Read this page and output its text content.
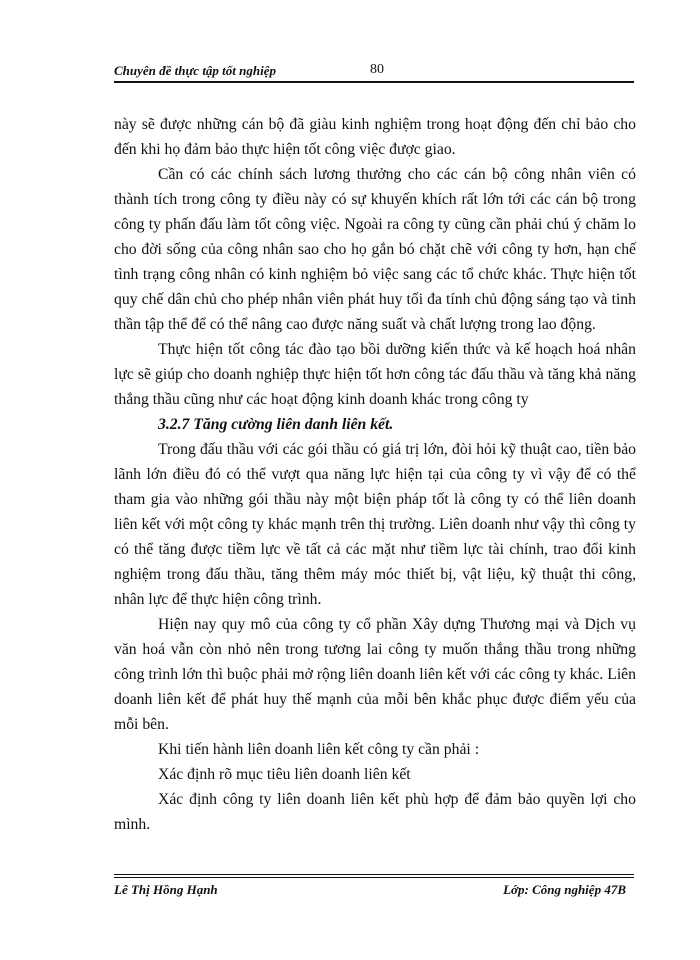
Chuyên đề thực tập tốt nghiệp	80

này sẽ được những cán bộ đã giàu kinh nghiệm trong hoạt động đến chỉ bảo cho đến khi họ đảm bảo thực hiện tốt công việc được giao.

Cần có các chính sách lương thưởng cho các cán bộ công nhân viên có thành tích trong công ty điều này có sự khuyến khích rất lớn tới các cán bộ trong công ty phấn đấu làm tốt công việc. Ngoài ra công ty cũng cần phải chú ý chăm lo cho đời sống của công nhân sao cho họ gắn bó chặt chẽ với công ty hơn, hạn chế tình trạng công nhân có kinh nghiệm bỏ việc sang các tổ chức khác. Thực hiện tốt quy chế dân chủ cho phép nhân viên phát huy tối đa tính chủ động sáng tạo và tinh thần tập thể để có thể nâng cao được năng suất và chất lượng trong lao động.

Thực hiện tốt công tác đào tạo bồi dưỡng kiến thức và kế hoạch hoá nhân lực sẽ giúp cho doanh nghiệp thực hiện tốt hơn công tác đấu thầu và tăng khả năng thắng thầu cũng như các hoạt động kinh doanh khác trong công ty

3.2.7 Tăng cường liên danh liên kết.

Trong đấu thầu với các gói thầu có giá trị lớn, đòi hỏi kỹ thuật cao, tiền bảo lãnh lớn điều đó có thể vượt qua năng lực hiện tại của công ty vì vậy để có thể tham gia vào những gói thầu này một biện pháp tốt là công ty có thể liên doanh liên kết với một công ty khác mạnh trên thị trường. Liên doanh như vậy thì công ty có thể tăng được tiềm lực về tất cả các mặt như tiềm lực tài chính, trao đổi kinh nghiệm trong đấu thầu, tăng thêm máy móc thiết bị, vật liệu, kỹ thuật thi công, nhân lực để thực hiện công trình.

Hiện nay quy mô của công ty cổ phần Xây dựng Thương mại và Dịch vụ văn hoá vẫn còn nhỏ nên trong tương lai công ty muốn thắng thầu trong những công trình lớn thì buộc phải mở rộng liên doanh liên kết với các công ty khác. Liên doanh liên kết để phát huy thế mạnh của mỗi bên khắc phục được điểm yếu của mỗi bên.

Khi tiến hành liên doanh liên kết công ty cần phải :

Xác định rõ mục tiêu liên doanh liên kết

Xác định công ty liên doanh liên kết phù hợp để đảm bảo quyền lợi cho mình.

Lê Thị Hồng Hạnh	Lớp: Công nghiệp 47B
